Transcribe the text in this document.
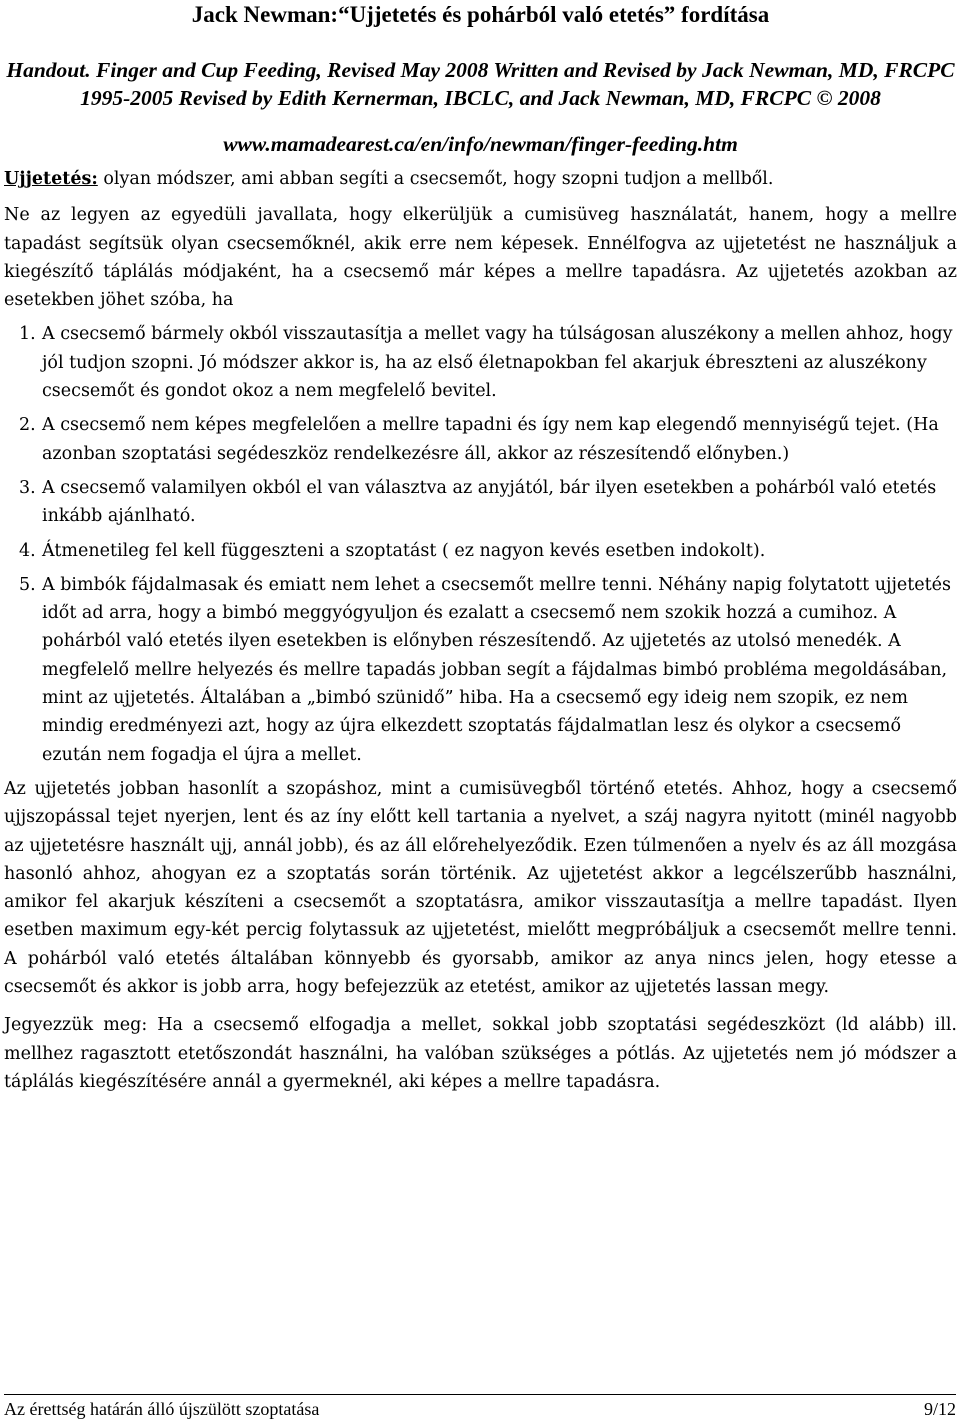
Jack Newman:“Ujjetetés és pohárból való etetés” fordítása

Handout. Finger and Cup Feeding, Revised May 2008 Written and Revised by Jack Newman, MD, FRCPC 1995-2005 Revised by Edith Kernerman, IBCLC, and Jack Newman, MD, FRCPC © 2008

www.mamadearest.ca/en/info/newman/finger-feeding.htm

Ujjetetés: olyan módszer, ami abban segíti a csecsemőt, hogy szopni tudjon a mellből.

Ne az legyen az egyedüli javallata, hogy elkerüljük a cumisüveg használatát, hanem, hogy a mellre tapadást segítsük olyan csecsemőknél, akik erre nem képesek. Ennélfogva az ujjetetést ne használjuk a kiegészítő táplálás módjaként, ha a csecsemő már képes a mellre tapadásra. Az ujjetetés azokban az esetekben jöhet szóba, ha

1. A csecsemő bármely okból visszautasítja a mellet vagy ha túlságosan aluszékony a mellen ahhoz, hogy jól tudjon szopni. Jó módszer akkor is, ha az első életnapokban fel akarjuk ébreszteni az aluszékony csecsemőt és gondot okoz a nem megfelelő bevitel.
2. A csecsemő nem képes megfelelően a mellre tapadni és így nem kap elegendő mennyiségű tejet. (Ha azonban szoptatási segédeszköz rendelkezésre áll, akkor az részesítendő előnyben.)
3. A csecsemő valamilyen okból el van választva az anyjától, bár ilyen esetekben a pohárból való etetés inkább ajánlható.
4. Átmenetileg fel kell függeszteni a szoptatást ( ez nagyon kevés esetben indokolt).
5. A bimbók fájdalmasak és emiatt nem lehet a csecsemőt mellre tenni. Néhány napig folytatott ujjetetés időt ad arra, hogy a bimbó meggyógyuljon és ezalatt a csecsemő nem szokik hozzá a cumihoz. A pohárból való etetés ilyen esetekben is előnyben részesítendő. Az ujjetetés az utolsó menedék. A megfelelő mellre helyezés és mellre tapadás jobban segít a fájdalmas bimbó probléma megoldásában, mint az ujjetetés. Általában a „bimbó szünidő” hiba. Ha a csecsemő egy ideig nem szopik, ez nem mindig eredményezi azt, hogy az újra elkezdett szoptatás fájdalmatlan lesz és olykor a csecsemő ezután nem fogadja el újra a mellet.

Az ujjetetés jobban hasonlít a szopáshoz, mint a cumisüvegből történő etetés. Ahhoz, hogy a csecsemő ujjszopással tejet nyerjen, lent és az íny előtt kell tartania a nyelvet, a száj nagyra nyitott (minél nagyobb az ujjetetésre használt ujj, annál jobb), és az áll előrehelyeződik. Ezen túlmenően a nyelv és az áll mozgása hasonló ahhoz, ahogyan ez a szoptatás során történik. Az ujjetetést akkor a legcélszerűbb használni, amikor fel akarjuk készíteni a csecsemőt a szoptatásra, amikor visszautasítja a mellre tapadást. Ilyen esetben maximum egy-két percig folytassuk az ujjetetést, mielőtt megpróbáljuk a csecsemőt mellre tenni. A pohárból való etetés általában könnyebb és gyorsabb, amikor az anya nincs jelen, hogy etesse a csecsemőt és akkor is jobb arra, hogy befejezzük az etetést, amikor az ujjetetés lassan megy.

Jegyezzük meg: Ha a csecsemő elfogadja a mellet, sokkal jobb szoptatási segédeszközt (ld alább) ill. mellhez ragasztott etetőszondát használni, ha valóban szükséges a pótlás. Az ujjetetés nem jó módszer a táplálás kiegészítésére annál a gyermeknél, aki képes a mellre tapadásra.

Az érettség határán álló újszülött szoptatása	9/12
